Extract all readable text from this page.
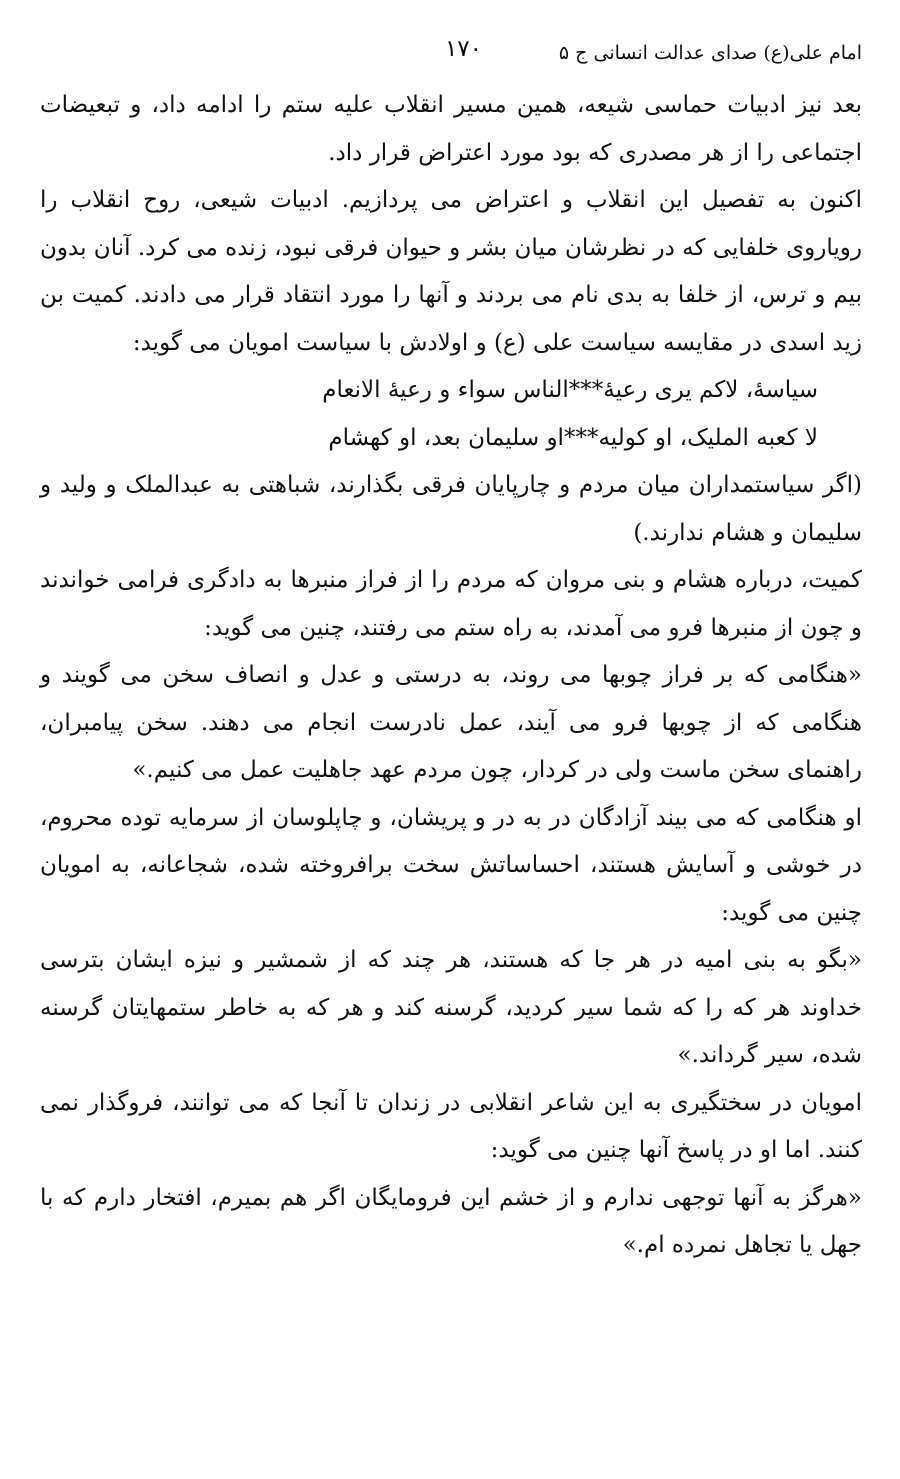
امام علی(ع) صدای عدالت انسانی ج ۵
۱۷۰

بعد نیز ادبیات حماسی شیعه، همین مسیر انقلاب علیه ستم را ادامه داد، و تبعیضات اجتماعی را از هر مصدری که بود مورد اعتراض قرار داد.

اکنون به تفصیل این انقلاب و اعتراض می پردازیم. ادبیات شیعی، روح انقلاب را رویاروی خلفایی که در نظرشان میان بشر و حیوان فرقی نبود، زنده می کرد. آنان بدون بیم و ترس، از خلفا به بدی نام می بردند و آنها را مورد انتقاد قرار می دادند. کمیت بن زید اسدی در مقایسه سیاست علی (ع) و اولادش با سیاست امویان می گوید:

سیاسهٔ، لاکم یری رعیهٔ***الناس سواء و رعیهٔ الانعام

لا کعبه الملیک، او کولیه***او سلیمان بعد، او کهشام

(اگر سیاستمداران میان مردم و چارپایان فرقی بگذارند، شباهتی به عبدالملک و ولید و سلیمان و هشام ندارند.)

کمیت، درباره هشام و بنی مروان که مردم را از فراز منبرها به دادگری فرامی خواندند و چون از منبرها فرو می آمدند، به راه ستم می رفتند، چنین می گوید:

«هنگامی که بر فراز چوبها می روند، به درستی و عدل و انصاف سخن می گویند و هنگامی که از چوبها فرو می آیند، عمل نادرست انجام می دهند. سخن پیامبران، راهنمای سخن ماست ولی در کردار، چون مردم عهد جاهلیت عمل می کنیم.»

او هنگامی که می بیند آزادگان در به در و پریشان، و چاپلوسان از سرمایه توده محروم، در خوشی و آسایش هستند، احساساتش سخت برافروخته شده، شجاعانه، به امویان چنین می گوید:

«بگو به بنی امیه در هر جا که هستند، هر چند که از شمشیر و نیزه ایشان بترسی خداوند هر که را که شما سیر کردید، گرسنه کند و هر که به خاطر ستمهایتان گرسنه شده، سیر گرداند.»

امویان در سختگیری به این شاعر انقلابی در زندان تا آنجا که می توانند، فروگذار نمی کنند. اما او در پاسخ آنها چنین می گوید:

«هرگز به آنها توجهی ندارم و از خشم این فرومایگان اگر هم بمیرم، افتخار دارم که با جهل یا تجاهل نمرده ام.»
